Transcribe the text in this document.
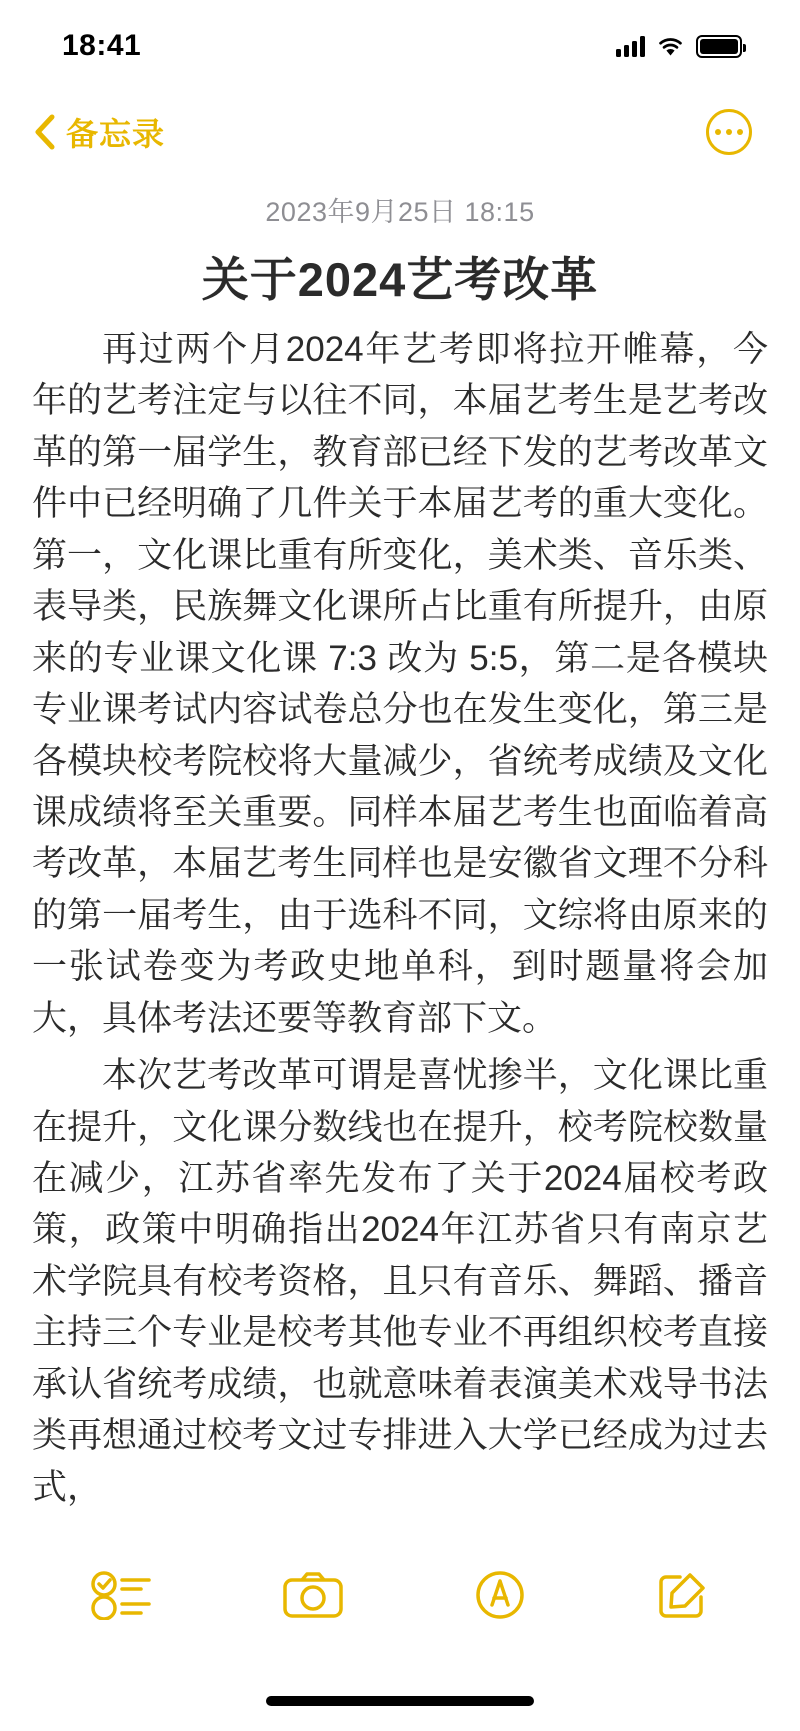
18:41
备忘录
2023年9月25日 18:15
关于2024艺考改革

再过两个月2024年艺考即将拉开帷幕，今年的艺考注定与以往不同，本届艺考生是艺考改革的第一届学生，教育部已经下发的艺考改革文件中已经明确了几件关于本届艺考的重大变化。第一，文化课比重有所变化，美术类、音乐类、表导类，民族舞文化课所占比重有所提升，由原来的专业课文化课 7:3 改为 5:5，第二是各模块专业课考试内容试卷总分也在发生变化，第三是各模块校考院校将大量减少，省统考成绩及文化课成绩将至关重要。同样本届艺考生也面临着高考改革，本届艺考生同样也是安徽省文理不分科的第一届考生，由于选科不同，文综将由原来的一张试卷变为考政史地单科，到时题量将会加大，具体考法还要等教育部下文。

本次艺考改革可谓是喜忧掺半，文化课比重在提升，文化课分数线也在提升，校考院校数量在减少，江苏省率先发布了关于2024届校考政策，政策中明确指出2024年江苏省只有南京艺术学院具有校考资格，且只有音乐、舞蹈、播音主持三个专业是校考其他专业不再组织校考直接承认省统考成绩，也就意味着表演美术戏导书法类再想通过校考文过专排进入大学已经成为过去式，
